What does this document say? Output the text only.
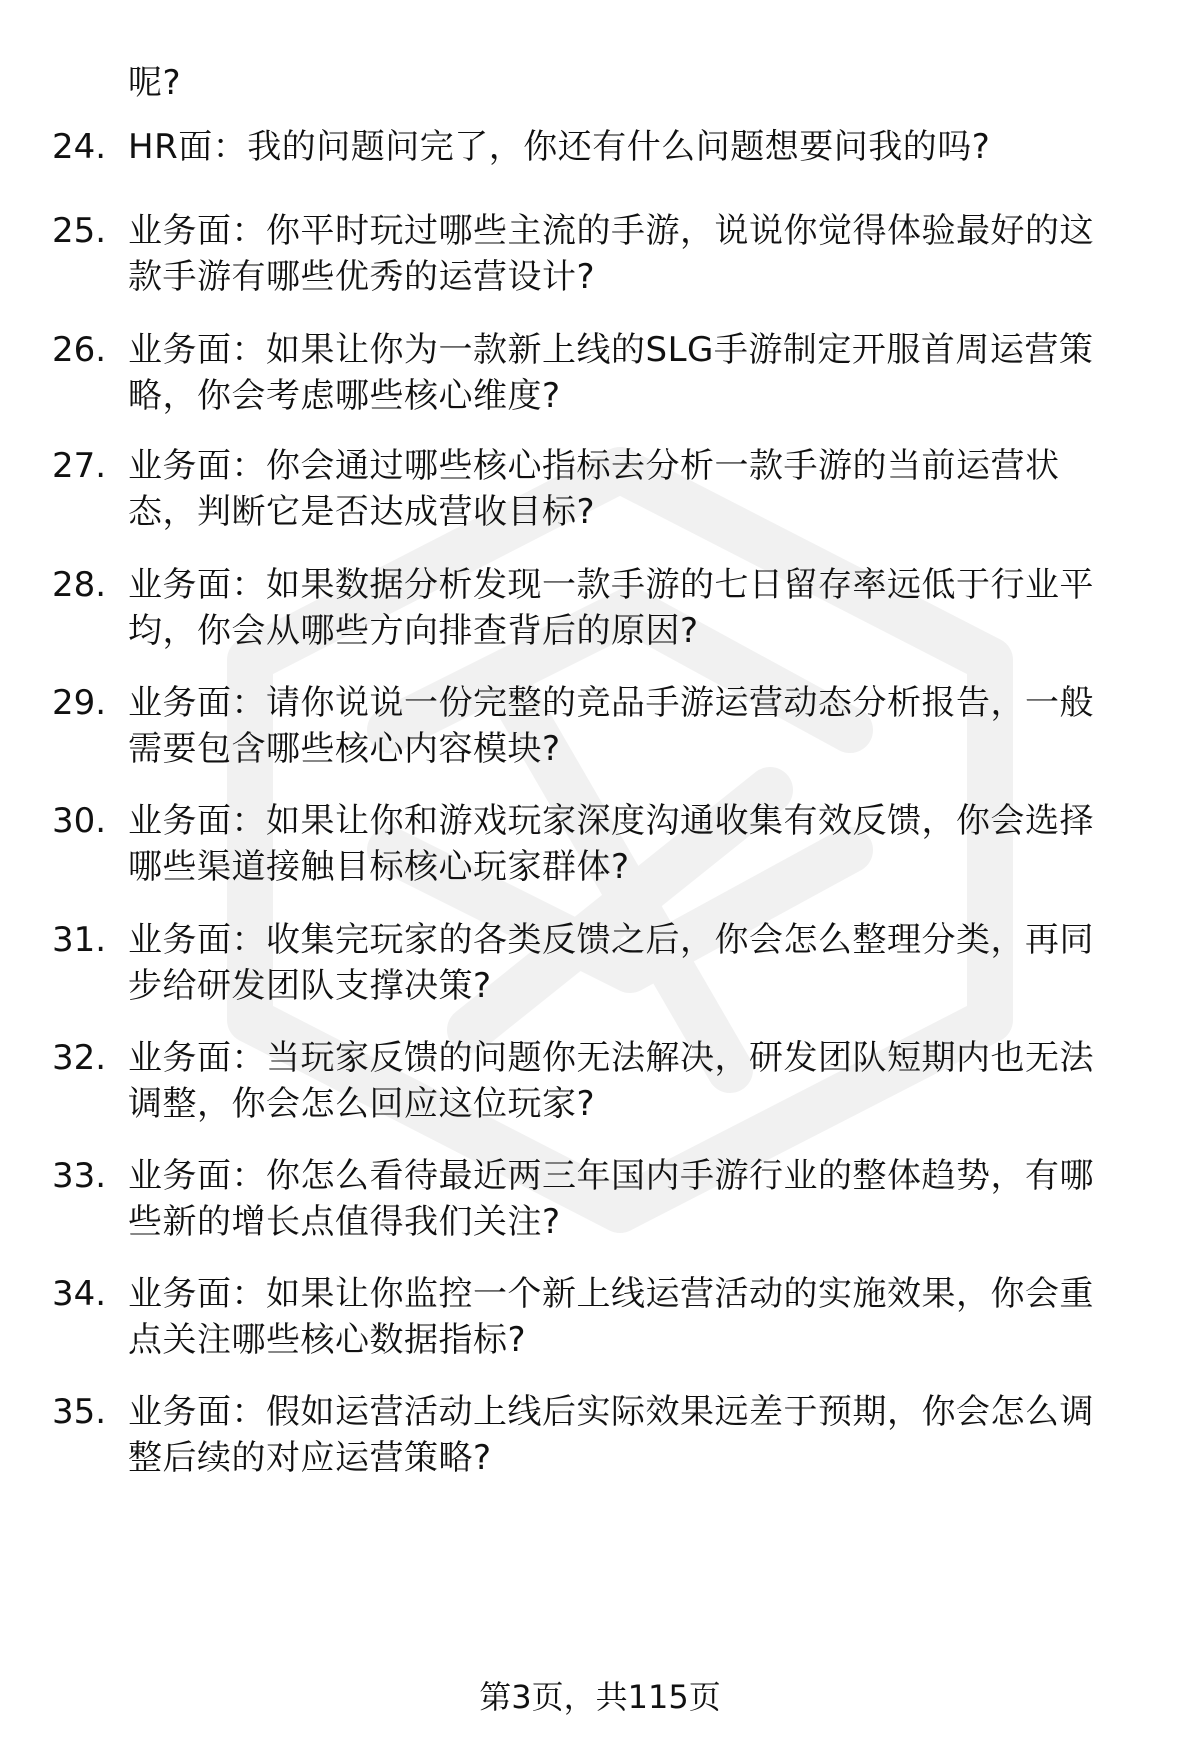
呢?
24. HR面：我的问题问完了，你还有什么问题想要问我的吗?
25. 业务面：你平时玩过哪些主流的手游，说说你觉得体验最好的这
款手游有哪些优秀的运营设计?
26. 业务面：如果让你为一款新上线的SLG手游制定开服首周运营策
略，你会考虑哪些核心维度?
27. 业务面：你会通过哪些核心指标去分析一款手游的当前运营状
态，判断它是否达成营收目标?
28. 业务面：如果数据分析发现一款手游的七日留存率远低于行业平
均，你会从哪些方向排查背后的原因?
29. 业务面：请你说说一份完整的竞品手游运营动态分析报告，一般
需要包含哪些核心内容模块?
30. 业务面：如果让你和游戏玩家深度沟通收集有效反馈，你会选择
哪些渠道接触目标核心玩家群体?
31. 业务面：收集完玩家的各类反馈之后，你会怎么整理分类，再同
步给研发团队支撑决策?
32. 业务面：当玩家反馈的问题你无法解决，研发团队短期内也无法
调整，你会怎么回应这位玩家?
33. 业务面：你怎么看待最近两三年国内手游行业的整体趋势，有哪
些新的增长点值得我们关注?
34. 业务面：如果让你监控一个新上线运营活动的实施效果，你会重
点关注哪些核心数据指标?
35. 业务面：假如运营活动上线后实际效果远差于预期，你会怎么调
整后续的对应运营策略?
第3页，共115页
